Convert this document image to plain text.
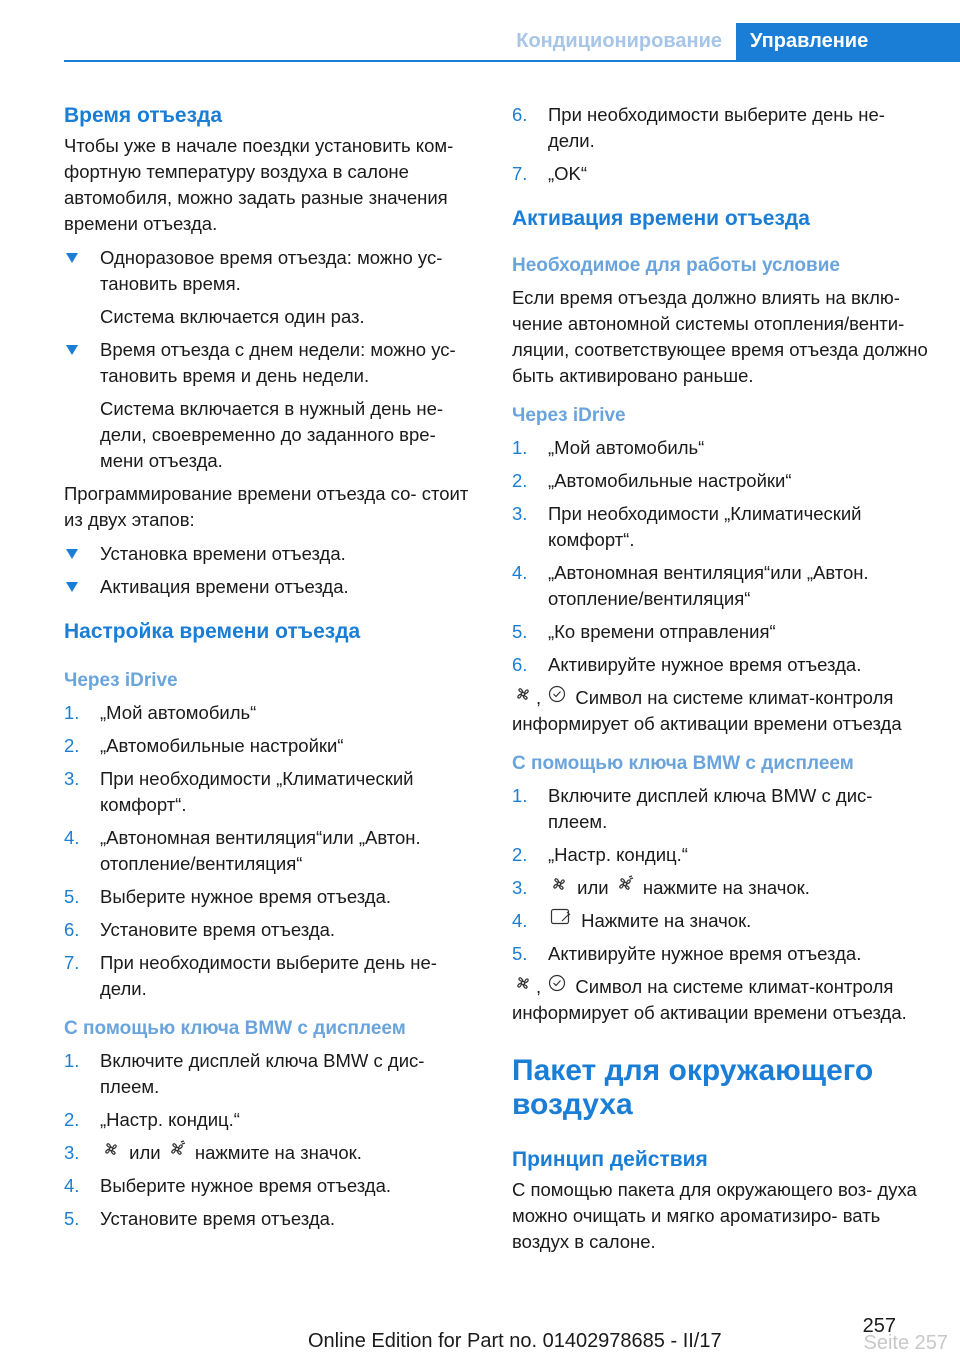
Кондиционирование	Управление
Время отъезда
Чтобы уже в начале поездки установить ком- фортную температуру воздуха в салоне автомобиля, можно задать разные значения времени отъезда.
Одноразовое время отъезда: можно ус- тановить время.
Система включается один раз.
Время отъезда с днем недели: можно ус- тановить время и день недели.
Система включается в нужный день не- дели, своевременно до заданного вре- мени отъезда.
Программирование времени отъезда со- стоит из двух этапов:
Установка времени отъезда.
Активация времени отъезда.
Настройка времени отъезда
Через iDrive
1. „Мой автомобиль“
2. „Автомобильные настройки“
3. При необходимости „Климатический комфорт“.
4. „Автономная вентиляция“или „Автон. отопление/вентиляция“
5. Выберите нужное время отъезда.
6. Установите время отъезда.
7. При необходимости выберите день не- дели.
С помощью ключа BMW с дисплеем
1. Включите дисплей ключа BMW с дис- плеем.
2. „Настр. кондиц.“
3.	или нажмите на значок.
4. Выберите нужное время отъезда.
5. Установите время отъезда.
6. При необходимости выберите день не- дели.
7. „OK“
Активация времени отъезда
Необходимое для работы условие
Если время отъезда должно влиять на вклю- чение автономной системы отопления/венти- ляции, соответствующее время отъезда должно быть активировано раньше.
Через iDrive
1. „Мой автомобиль“
2. „Автомобильные настройки“
3. При необходимости „Климатический комфорт“.
4. „Автономная вентиляция“или „Автон. отопление/вентиляция“
5. „Ко времени отправления“
6. Активируйте нужное время отъезда.
, Символ на системе климат-контроля информирует об активации времени отъезда
С помощью ключа BMW с дисплеем
1. Включите дисплей ключа BMW с дис- плеем.
2. „Настр. кондиц.“
3.	или нажмите на значок.
4.	Нажмите на значок.
5. Активируйте нужное время отъезда.
, Символ на системе климат-контроля информирует об активации времени отъезда.
Пакет для окружающего воздуха
Принцип действия
С помощью пакета для окружающего воз- духа можно очищать и мягко ароматизиро- вать воздух в салоне.
257
Online Edition for Part no. 01402978685 - II/17	Seite 257
